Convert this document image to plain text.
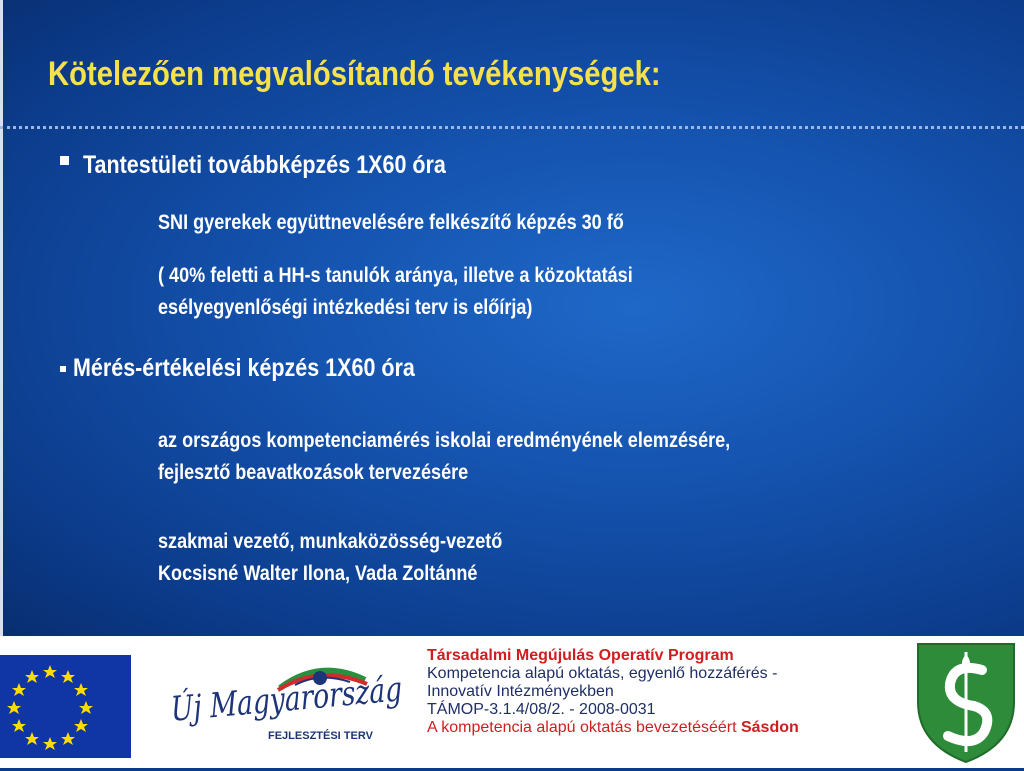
Kötelezően megvalósítandó tevékenységek:
Tantestületi továbbképzés 1X60 óra
SNI gyerekek együttnevelésére felkészítő képzés 30 fő
( 40% feletti a HH-s tanulók aránya, illetve a közoktatási
esélyegyenlőségi intézkedési terv is előírja)
Mérés-értékelési képzés 1X60 óra
az országos kompetenciamérés iskolai eredményének elemzésére,
fejlesztő beavatkozások tervezésére
szakmai vezető, munkaközösség-vezető
Kocsisné Walter Ilona, Vada Zoltánné
Új Magyarország
FEJLESZTÉSI TERV
Társadalmi Megújulás Operatív Program
Kompetencia alapú oktatás, egyenlő hozzáférés -
Innovatív Intézményekben
TÁMOP-3.1.4/08/2. - 2008-0031
A kompetencia alapú oktatás bevezetéséért Sásdon
